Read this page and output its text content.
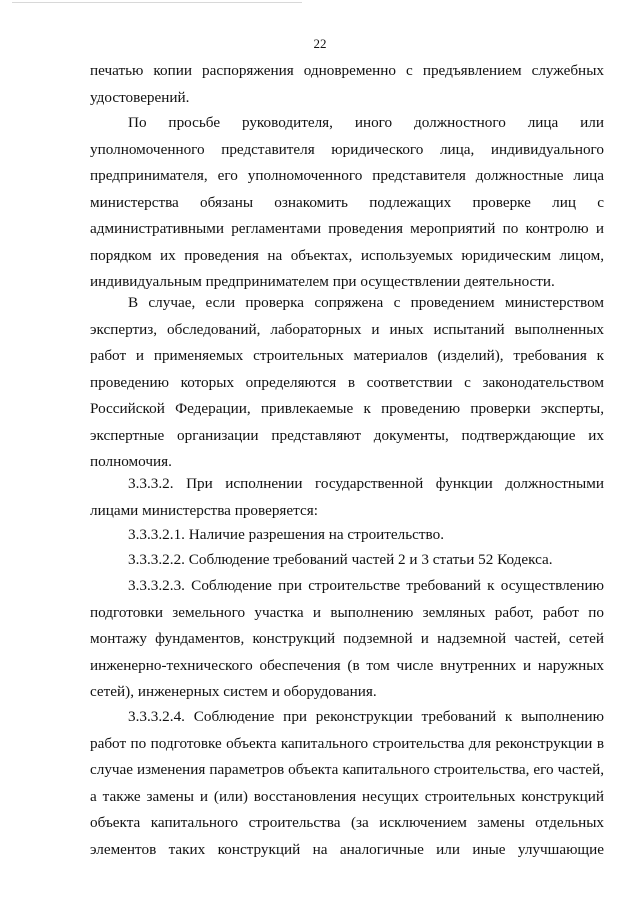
22
печатью копии распоряжения одновременно с предъявлением служебных
удостоверений.
По просьбе руководителя, иного должностного лица или
уполномоченного представителя юридического лица, индивидуального
предпринимателя, его уполномоченного представителя должностные лица
министерства обязаны ознакомить подлежащих проверке лиц с
административными регламентами проведения мероприятий по контролю и
порядком их проведения на объектах, используемых юридическим лицом,
индивидуальным предпринимателем при осуществлении деятельности.
В случае, если проверка сопряжена с проведением министерством
экспертиз, обследований, лабораторных и иных испытаний выполненных
работ и применяемых строительных материалов (изделий), требования к
проведению которых определяются в соответствии с законодательством
Российской Федерации, привлекаемые к проведению проверки эксперты,
экспертные организации представляют документы, подтверждающие их
полномочия.
3.3.3.2. При исполнении государственной функции должностными
лицами министерства проверяется:
3.3.3.2.1. Наличие разрешения на строительство.
3.3.3.2.2. Соблюдение требований частей 2 и 3 статьи 52 Кодекса.
3.3.3.2.3. Соблюдение при строительстве требований к осуществлению
подготовки земельного участка и выполнению земляных работ, работ по
монтажу фундаментов, конструкций подземной и надземной частей, сетей
инженерно-технического обеспечения (в том числе внутренних и наружных
сетей), инженерных систем и оборудования.
3.3.3.2.4. Соблюдение при реконструкции требований к выполнению
работ по подготовке объекта капитального строительства для реконструкции в
случае изменения параметров объекта капитального строительства, его частей,
а также замены и (или) восстановления несущих строительных конструкций
объекта капитального строительства (за исключением замены отдельных
элементов таких конструкций на аналогичные или иные улучшающие
